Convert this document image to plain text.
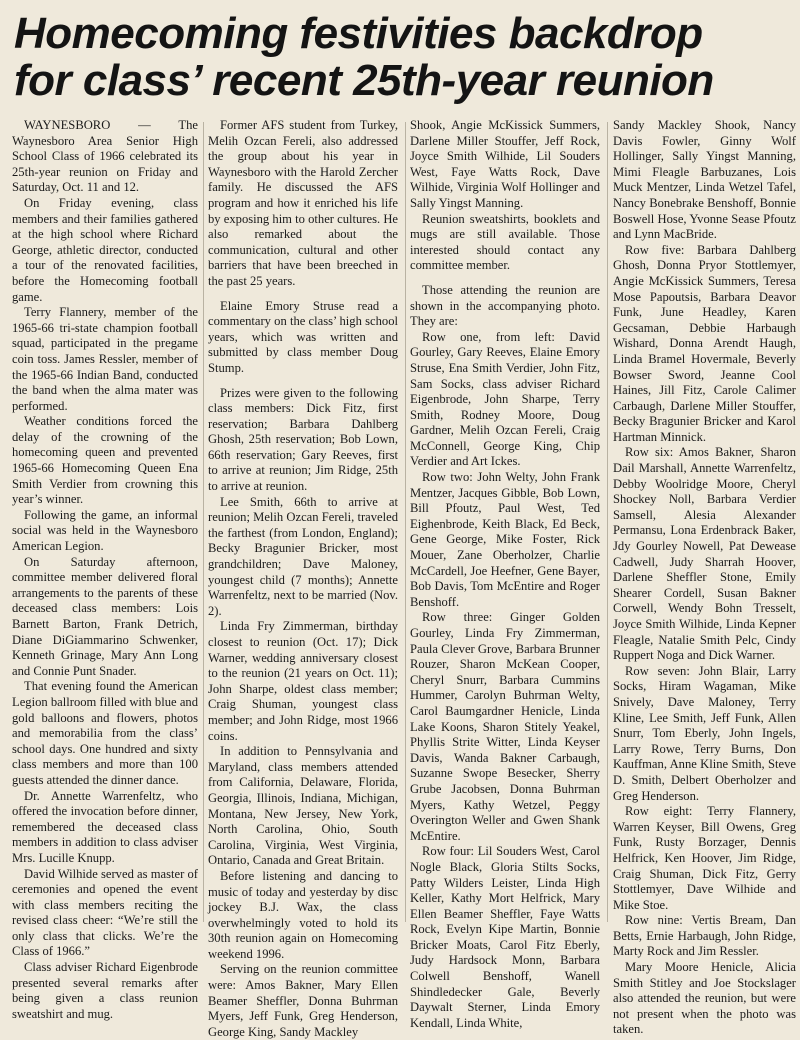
Homecoming festivities backdrop
for class’ recent 25th-year reunion

WAYNESBORO — The Waynesboro Area Senior High School Class of 1966 celebrated its 25th-year reunion on Friday and Saturday, Oct. 11 and 12.

On Friday evening, class members and their families gathered at the high school where Richard George, athletic director, conducted a tour of the renovated facilities, before the Homecoming football game.

Terry Flannery, member of the 1965-66 tri-state champion football squad, participated in the pregame coin toss. James Ressler, member of the 1965-66 Indian Band, conducted the band when the alma mater was performed.

Weather conditions forced the delay of the crowning of the homecoming queen and prevented 1965-66 Homecoming Queen Ena Smith Verdier from crowning this year’s winner.

Following the game, an informal social was held in the Waynesboro American Legion.

On Saturday afternoon, committee member delivered floral arrangements to the parents of these deceased class members: Lois Barnett Barton, Frank Detrich, Diane DiGiammarino Schwenker, Kenneth Grinage, Mary Ann Long and Connie Punt Snader.

That evening found the American Legion ballroom filled with blue and gold balloons and flowers, photos and memorabilia from the class’ school days. One hundred and sixty class members and more than 100 guests attended the dinner dance.

Dr. Annette Warrenfeltz, who offered the invocation before dinner, remembered the deceased class members in addition to class adviser Mrs. Lucille Knupp.

David Wilhide served as master of ceremonies and opened the event with class members reciting the revised class cheer: “We’re still the only class that clicks. We’re the Class of 1966.”

Class adviser Richard Eigenbrode presented several remarks after being given a class reunion sweatshirt and mug.

Former AFS student from Turkey, Melih Ozcan Fereli, also addressed the group about his year in Waynesboro with the Harold Zercher family. He discussed the AFS program and how it enriched his life by exposing him to other cultures. He also remarked about the communication, cultural and other barriers that have been breeched in the past 25 years.

Elaine Emory Struse read a commentary on the class’ high school years, which was written and submitted by class member Doug Stump.

Prizes were given to the following class members: Dick Fitz, first reservation; Barbara Dahlberg Ghosh, 25th reservation; Bob Lown, 66th reservation; Gary Reeves, first to arrive at reunion; Jim Ridge, 25th to arrive at reunion.

Lee Smith, 66th to arrive at reunion; Melih Ozcan Fereli, traveled the farthest (from London, England); Becky Bragunier Bricker, most grandchildren; Dave Maloney, youngest child (7 months); Annette Warrenfeltz, next to be married (Nov. 2).

Linda Fry Zimmerman, birthday closest to reunion (Oct. 17); Dick Warner, wedding anniversary closest to the reunion (21 years on Oct. 11); John Sharpe, oldest class member; Craig Shuman, youngest class member; and John Ridge, most 1966 coins.

In addition to Pennsylvania and Maryland, class members attended from California, Delaware, Florida, Georgia, Illinois, Indiana, Michigan, Montana, New Jersey, New York, North Carolina, Ohio, South Carolina, Virginia, West Virginia, Ontario, Canada and Great Britain.

Before listening and dancing to music of today and yesterday by disc jockey B.J. Wax, the class overwhelmingly voted to hold its 30th reunion again on Homecoming weekend 1996.

Serving on the reunion committee were: Amos Bakner, Mary Ellen Beamer Sheffler, Donna Buhrman Myers, Jeff Funk, Greg Henderson, George King, Sandy Mackley

Shook, Angie McKissick Summers, Darlene Miller Stouffer, Jeff Rock, Joyce Smith Wilhide, Lil Souders West, Faye Watts Rock, Dave Wilhide, Virginia Wolf Hollinger and Sally Yingst Manning.

Reunion sweatshirts, booklets and mugs are still available. Those interested should contact any committee member.

Those attending the reunion are shown in the accompanying photo. They are:

Row one, from left: David Gourley, Gary Reeves, Elaine Emory Struse, Ena Smith Verdier, John Fitz, Sam Socks, class adviser Richard Eigenbrode, John Sharpe, Terry Smith, Rodney Moore, Doug Gardner, Melih Ozcan Fereli, Craig McConnell, George King, Chip Verdier and Art Ickes.

Row two: John Welty, John Frank Mentzer, Jacques Gibble, Bob Lown, Bill Pfoutz, Paul West, Ted Eighenbrode, Keith Black, Ed Beck, Gene George, Mike Foster, Rick Mouer, Zane Oberholzer, Charlie McCardell, Joe Heefner, Gene Bayer, Bob Davis, Tom McEntire and Roger Benshoff.

Row three: Ginger Golden Gourley, Linda Fry Zimmerman, Paula Clever Grove, Barbara Brunner Rouzer, Sharon McKean Cooper, Cheryl Snurr, Barbara Cummins Hummer, Carolyn Buhrman Welty, Carol Baumgardner Henicle, Linda Lake Koons, Sharon Stitely Yeakel, Phyllis Strite Witter, Linda Keyser Davis, Wanda Bakner Carbaugh, Suzanne Swope Besecker, Sherry Grube Jacobsen, Donna Buhrman Myers, Kathy Wetzel, Peggy Overington Weller and Gwen Shank McEntire.

Row four: Lil Souders West, Carol Nogle Black, Gloria Stilts Socks, Patty Wilders Leister, Linda High Keller, Kathy Mort Helfrick, Mary Ellen Beamer Sheffler, Faye Watts Rock, Evelyn Kipe Martin, Bonnie Bricker Moats, Carol Fitz Eberly, Judy Hardsock Monn, Barbara Colwell Benshoff, Wanell Shindledecker Gale, Beverly Daywalt Sterner, Linda Emory Kendall, Linda White,

Sandy Mackley Shook, Nancy Davis Fowler, Ginny Wolf Hollinger, Sally Yingst Manning, Mimi Fleagle Barbuzanes, Lois Muck Mentzer, Linda Wetzel Tafel, Nancy Bonebrake Benshoff, Bonnie Boswell Hose, Yvonne Sease Pfoutz and Lynn MacBride.

Row five: Barbara Dahlberg Ghosh, Donna Pryor Stottlemyer, Angie McKissick Summers, Teresa Mose Papoutsis, Barbara Deavor Funk, June Headley, Karen Gecsaman, Debbie Harbaugh Wishard, Donna Arendt Haugh, Linda Bramel Hovermale, Beverly Bowser Sword, Jeanne Cool Haines, Jill Fitz, Carole Calimer Carbaugh, Darlene Miller Stouffer, Becky Bragunier Bricker and Karol Hartman Minnick.

Row six: Amos Bakner, Sharon Dail Marshall, Annette Warrenfeltz, Debby Woolridge Moore, Cheryl Shockey Noll, Barbara Verdier Samsell, Alesia Alexander Permansu, Lona Erdenbrack Baker, Jdy Gourley Nowell, Pat Dewease Cadwell, Judy Sharrah Hoover, Darlene Sheffler Stone, Emily Shearer Cordell, Susan Bakner Corwell, Wendy Bohn Tresselt, Joyce Smith Wilhide, Linda Kepner Fleagle, Natalie Smith Pelc, Cindy Ruppert Noga and Dick Warner.

Row seven: John Blair, Larry Socks, Hiram Wagaman, Mike Snively, Dave Maloney, Terry Kline, Lee Smith, Jeff Funk, Allen Snurr, Tom Eberly, John Ingels, Larry Rowe, Terry Burns, Don Kauffman, Anne Kline Smith, Steve D. Smith, Delbert Oberholzer and Greg Henderson.

Row eight: Terry Flannery, Warren Keyser, Bill Owens, Greg Funk, Rusty Borzager, Dennis Helfrick, Ken Hoover, Jim Ridge, Craig Shuman, Dick Fitz, Gerry Stottlemyer, Dave Wilhide and Mike Stoe.

Row nine: Vertis Bream, Dan Betts, Ernie Harbaugh, John Ridge, Marty Rock and Jim Ressler.

Mary Moore Henicle, Alicia Smith Stitley and Joe Stockslager also attended the reunion, but were not present when the photo was taken.
